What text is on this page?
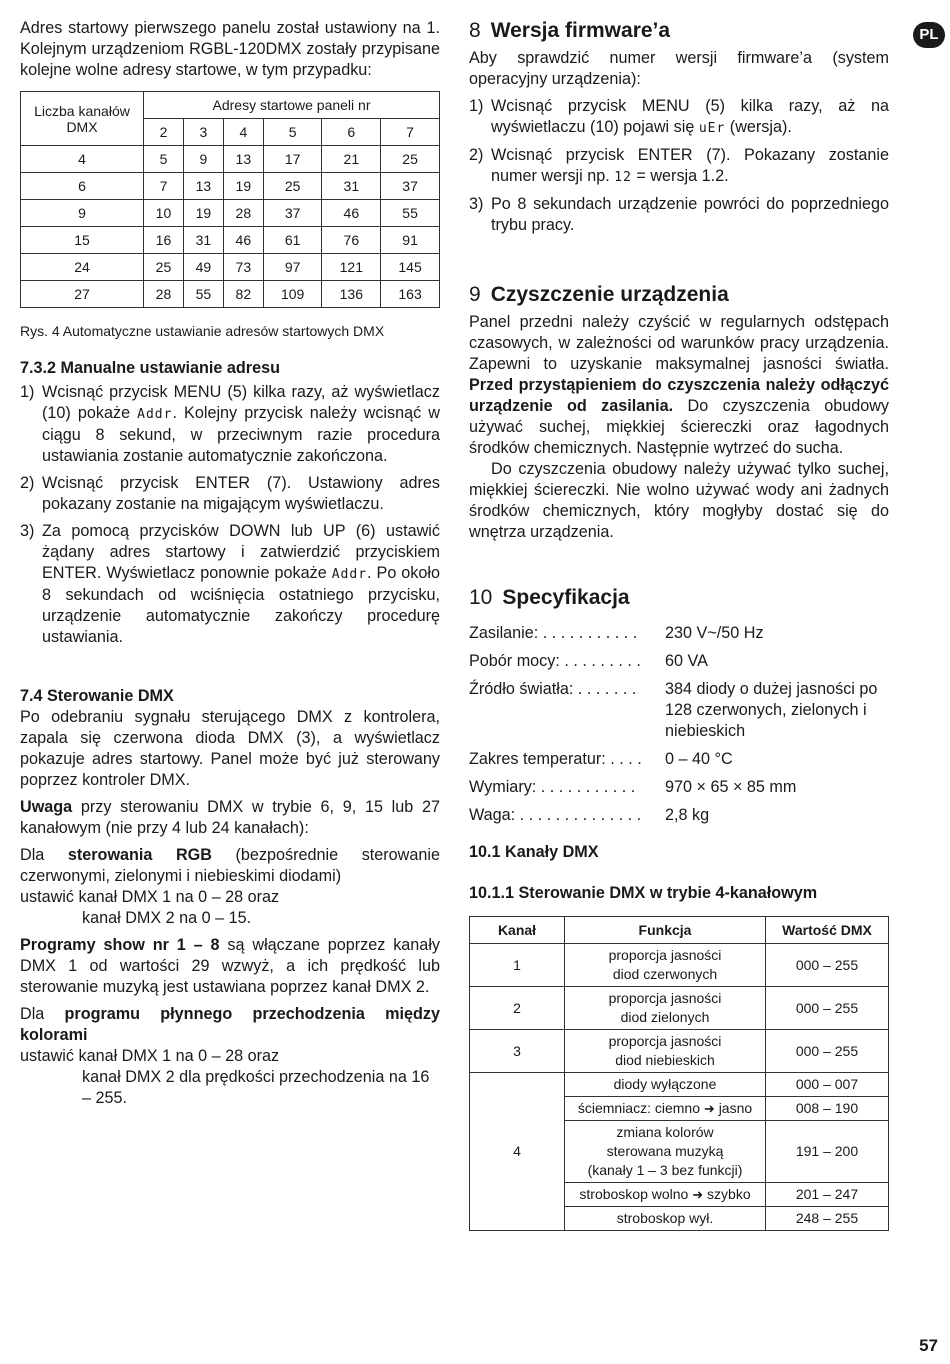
PL

Adres startowy pierwszego panelu został ustawiony na 1. Kolejnym urządzeniom RGBL-120DMX zostały przypisane kolejne wolne adresy startowe, w tym przypadku:

Liczba kanałów DMX	Adresy startowe paneli nr					
	2	3	4	5	6	7
4	5	9	13	17	21	25
6	7	13	19	25	31	37
9	10	19	28	37	46	55
15	16	31	46	61	76	91
24	25	49	73	97	121	145
27	28	55	82	109	136	163

Rys. 4 Automatyczne ustawianie adresów startowych DMX

7.3.2 Manualne ustawianie adresu
1) Wcisnąć przycisk MENU (5) kilka razy, aż wyświetlacz (10) pokaże Addr. Kolejny przycisk należy wcisnąć w ciągu 8 sekund, w przeciwnym razie procedura ustawiania zostanie automatycznie zakończona.
2) Wcisnąć przycisk ENTER (7). Ustawiony adres pokazany zostanie na migającym wyświetlaczu.
3) Za pomocą przycisków DOWN lub UP (6) ustawić żądany adres startowy i zatwierdzić przyciskiem ENTER. Wyświetlacz ponownie pokaże Addr. Po około 8 sekundach od wciśnięcia ostatniego przycisku, urządzenie automatycznie zakończy procedurę ustawiania.
7.4 Sterowanie DMX

Po odebraniu sygnału sterującego DMX z kontrolera, zapala się czerwona dioda DMX (3), a wyświetlacz pokazuje adres startowy. Panel może być już sterowany poprzez kontroler DMX.

Uwaga przy sterowaniu DMX w trybie 6, 9, 15 lub 27 kanałowym (nie przy 4 lub 24 kanałach):

Dla sterowania RGB (bezpośrednie sterowanie czerwonymi, zielonymi i niebieskimi diodami)

ustawić kanał DMX 1 na 0 – 28 oraz

kanał DMX 2 na 0 – 15.

Programy show nr 1 – 8 są włączane poprzez kanały DMX 1 od wartości 29 wzwyż, a ich prędkość lub sterowanie muzyką jest ustawiana poprzez kanał DMX 2.

Dla programu płynnego przechodzenia między kolorami

ustawić kanał DMX 1 na 0 – 28 oraz

kanał DMX 2 dla prędkości przechodzenia na 16 – 255.

8 Wersja firmware’a

Aby sprawdzić numer wersji firmware’a (system operacyjny urządzenia):

1) Wcisnąć przycisk MENU (5) kilka razy, aż na wyświetlaczu (10) pojawi się uEr (wersja).
2) Wcisnąć przycisk ENTER (7). Pokazany zostanie numer wersji np. 12 = wersja 1.2.
3) Po 8 sekundach urządzenie powróci do poprzedniego trybu pracy.
9 Czyszczenie urządzenia

Panel przedni należy czyścić w regularnych odstępach czasowych, w zależności od warunków pracy urządzenia. Zapewni to uzyskanie maksymalnej jasności światła. Przed przystąpieniem do czyszczenia należy odłączyć urządzenie od zasilania. Do czyszczenia obudowy używać suchej, miękkiej ściereczki oraz łagodnych środków chemicznych. Następnie wytrzeć do sucha.

Do czyszczenia obudowy należy używać tylko suchej, miękkiej ściereczki. Nie wolno używać wody ani żadnych środków chemicznych, który mogłyby dostać się do wnętrza urządzenia.

10 Specyfikacja
Zasilanie: . . . . . . . . . . .	230 V~/50 Hz
Pobór mocy: . . . . . . . . .	60 VA
Źródło światła: . . . . . . .	384 diody o dużej jasności po 128 czerwonych, zielonych i niebieskich
Zakres temperatur: . . . .	0 – 40 °C
Wymiary: . . . . . . . . . . .	970 × 65 × 85 mm
Waga: . . . . . . . . . . . . . .	2,8 kg
10.1 Kanały DMX
10.1.1 Sterowanie DMX w trybie 4-kanałowym
Kanał	Funkcja	Wartość DMX
1	proporcja jasności
diod czerwonych	000 – 255
2	proporcja jasności
diod zielonych	000 – 255
3	proporcja jasności
diod niebieskich	000 – 255
4	diody wyłączone	000 – 007
	ściemniacz: ciemno ➜ jasno	008 – 190
	zmiana kolorów
sterowana muzyką
(kanały 1 – 3 bez funkcji)	191 – 200
	stroboskop wolno ➜ szybko	201 – 247
	stroboskop wył.	248 – 255
57
